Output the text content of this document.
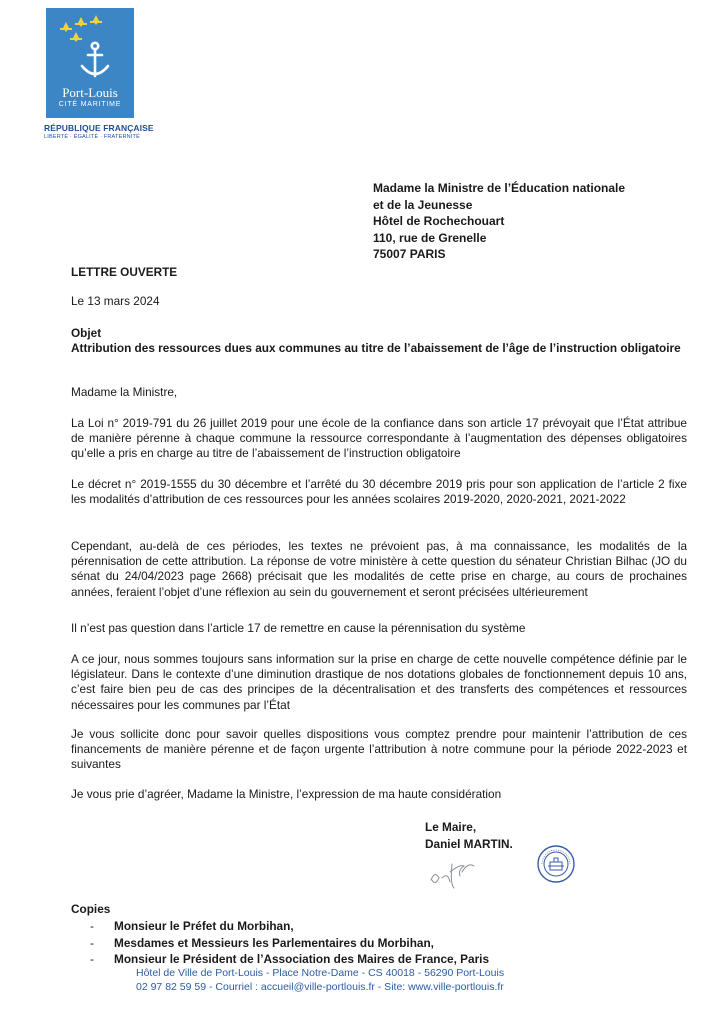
Port-Louis
CITÉ MARITIME
RÉPUBLIQUE FRANÇAISE
LIBERTÉ · ÉGALITÉ · FRATERNITÉ
Madame la Ministre de l’Éducation nationale
et de la Jeunesse
Hôtel de Rochechouart
110, rue de Grenelle
75007 PARIS
LETTRE OUVERTE
Le 13 mars 2024
Objet
Attribution des ressources dues aux communes au titre de l’abaissement de l’âge de l’instruction obligatoire
Madame la Ministre,
La Loi n° 2019-791 du 26 juillet 2019 pour une école de la confiance dans son article 17 prévoyait que l’État attribue de manière pérenne à chaque commune la ressource correspondante à l’augmentation des dépenses obligatoires qu’elle a pris en charge au titre de l’abaissement de l’instruction obligatoire
Le décret n° 2019-1555 du 30 décembre et l’arrêté du 30 décembre 2019 pris pour son application de l’article 2 fixe les modalités d’attribution de ces ressources pour les années scolaires 2019-2020, 2020-2021, 2021-2022
Cependant, au-delà de ces périodes, les textes ne prévoient pas, à ma connaissance, les modalités de la pérennisation de cette attribution. La réponse de votre ministère à cette question du sénateur Christian Bilhac (JO du sénat du 24/04/2023 page 2668) précisait que les modalités de cette prise en charge, au cours de prochaines années, feraient l’objet d’une réflexion au sein du gouvernement et seront précisées ultérieurement
Il n’est pas question dans l’article 17 de remettre en cause la pérennisation du système
A ce jour, nous sommes toujours sans information sur la prise en charge de cette nouvelle compétence définie par le législateur. Dans le contexte d’une diminution drastique de nos dotations globales de fonctionnement depuis 10 ans, c’est faire bien peu de cas des principes de la décentralisation et des transferts des compétences et ressources nécessaires pour les communes par l’État
Je vous sollicite donc pour savoir quelles dispositions vous comptez prendre pour maintenir l’attribution de ces financements de manière pérenne et de façon urgente l’attribution à notre commune pour la période 2022-2023 et suivantes
Je vous prie d’agréer, Madame la Ministre, l’expression de ma haute considération
Le Maire,
Daniel MARTIN.
Copies
- Monsieur le Préfet du Morbihan,
- Mesdames et Messieurs les Parlementaires du Morbihan,
- Monsieur le Président de l’Association des Maires de France, Paris
Hôtel de Ville de Port-Louis - Place Notre-Dame - CS 40018 - 56290 Port-Louis
02 97 82 59 59 - Courriel : accueil@ville-portlouis.fr - Site: www.ville-portlouis.fr
